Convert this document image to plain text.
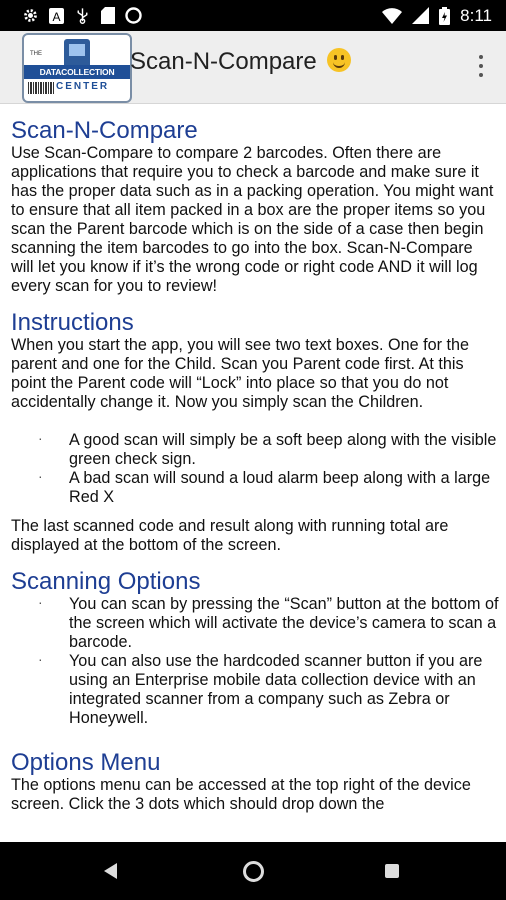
A	8:11
THE
DATACOLLECTION
CENTER
Scan-N-Compare
Scan-N-Compare

Use Scan-Compare to compare 2 barcodes. Often there are applications that require you to check a barcode and make sure it has the proper data such as in a packing operation. You might want to ensure that all item packed in a box are the proper items so you scan the Parent barcode which is on the side of a case then begin scanning the item barcodes to go into the box. Scan-N-Compare will let you know if it’s the wrong code or right code AND it will log every scan for you to review!

Instructions

When you start the app, you will see two text boxes. One for the parent and one for the Child. Scan you Parent code first. At this point the Parent code will “Lock” into place so that you do not accidentally change it. Now you simply scan the Children.

· A good scan will simply be a soft beep along with the visible green check sign.
· A bad scan will sound a loud alarm beep along with a large Red X

The last scanned code and result along with running total are displayed at the bottom of the screen.

Scanning Options
· You can scan by pressing the “Scan” button at the bottom of the screen which will activate the device’s camera to scan a barcode.
· You can also use the hardcoded scanner button if you are using an Enterprise mobile data collection device with an integrated scanner from a company such as Zebra or Honeywell.
Options Menu

The options menu can be accessed at the top right of the device screen. Click the 3 dots which should drop down the
